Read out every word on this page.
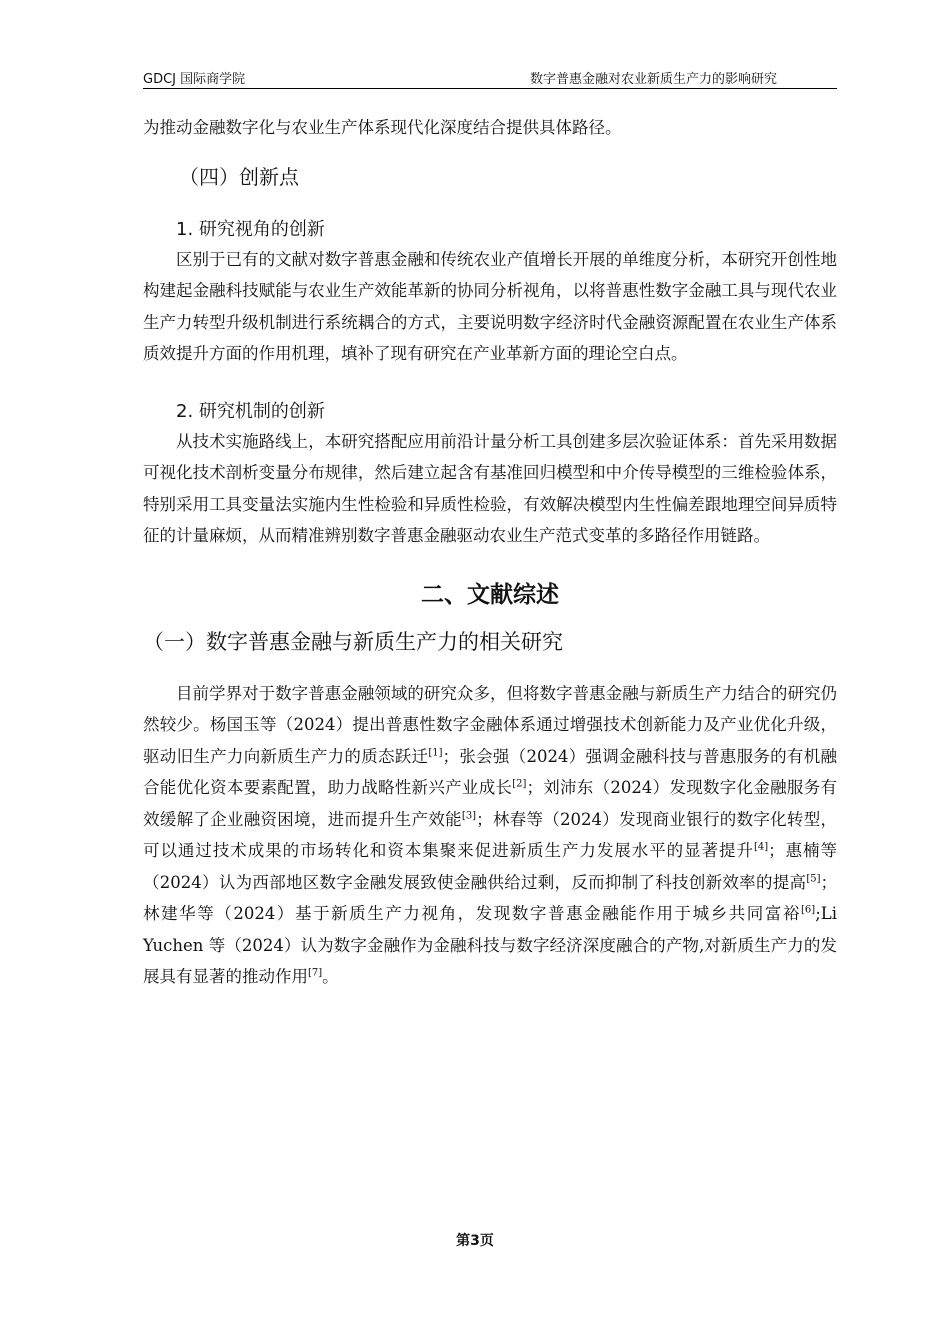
GDCJ 国际商学院	数字普惠金融对农业新质生产力的影响研究

为推动金融数字化与农业生产体系现代化深度结合提供具体路径。

（四）创新点

1. 研究视角的创新

区别于已有的文献对数字普惠金融和传统农业产值增长开展的单维度分析，本研究开创性地构建起金融科技赋能与农业生产效能革新的协同分析视角，以将普惠性数字金融工具与现代农业生产力转型升级机制进行系统耦合的方式，主要说明数字经济时代金融资源配置在农业生产体系质效提升方面的作用机理，填补了现有研究在产业革新方面的理论空白点。

2. 研究机制的创新

从技术实施路线上，本研究搭配应用前沿计量分析工具创建多层次验证体系：首先采用数据可视化技术剖析变量分布规律，然后建立起含有基准回归模型和中介传导模型的三维检验体系，特别采用工具变量法实施内生性检验和异质性检验，有效解决模型内生性偏差跟地理空间异质特征的计量麻烦，从而精准辨别数字普惠金融驱动农业生产范式变革的多路径作用链路。

二、文献综述

（一）数字普惠金融与新质生产力的相关研究

目前学界对于数字普惠金融领域的研究众多，但将数字普惠金融与新质生产力结合的研究仍然较少。杨国玉等（2024）提出普惠性数字金融体系通过增强技术创新能力及产业优化升级，驱动旧生产力向新质生产力的质态跃迁[1]；张会强（2024）强调金融科技与普惠服务的有机融合能优化资本要素配置，助力战略性新兴产业成长[2]；刘沛东（2024）发现数字化金融服务有效缓解了企业融资困境，进而提升生产效能[3]；林春等（2024）发现商业银行的数字化转型，可以通过技术成果的市场转化和资本集聚来促进新质生产力发展水平的显著提升[4]；惠楠等（2024）认为西部地区数字金融发展致使金融供给过剩，反而抑制了科技创新效率的提高[5]；林建华等（2024）基于新质生产力视角，发现数字普惠金融能作用于城乡共同富裕[6];Li Yuchen 等（2024）认为数字金融作为金融科技与数字经济深度融合的产物,对新质生产力的发展具有显著的推动作用[7]。

第3页
